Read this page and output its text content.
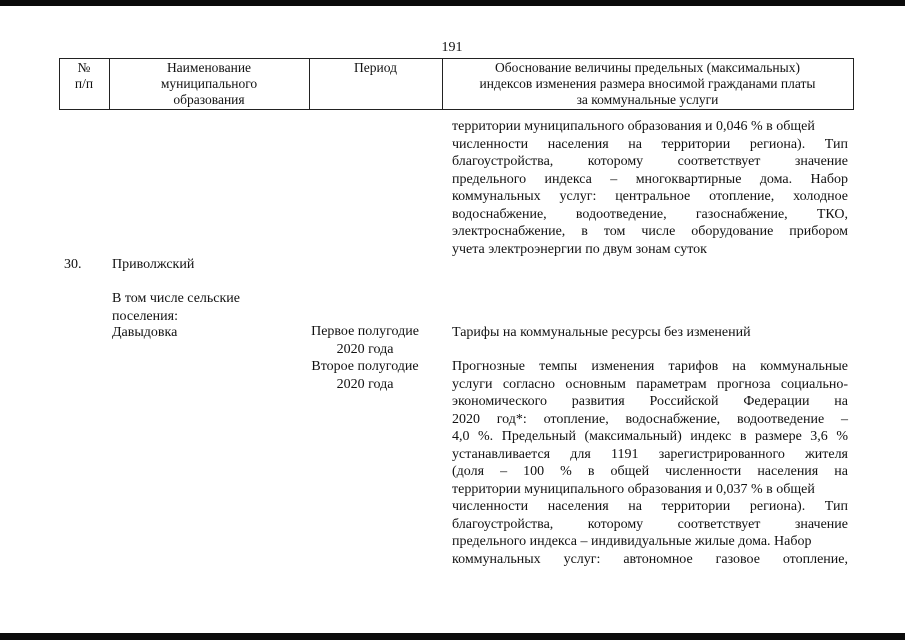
191
№
п/п
Наименование
муниципального
образования
Период	Обоснование величины предельных (максимальных)
индексов изменения размера вносимой гражданами платы
за коммунальные услуги
территории муниципального образования и 0,046 % в общей
численности населения на территории региона). Тип
благоустройства, которому соответствует значение
предельного индекса – многоквартирные дома. Набор
коммунальных услуг: центральное отопление, холодное
водоснабжение, водоотведение, газоснабжение, ТКО,
электроснабжение, в том числе оборудование прибором
учета электроэнергии по двум зонам суток
30. Приволжский
В том числе сельские
поселения:
Давыдовка	Первое полугодие
2020 года
Второе полугодие
2020 года
Тарифы на коммунальные ресурсы без изменений
Прогнозные темпы изменения тарифов на коммунальные
услуги согласно основным параметрам прогноза социально-
экономического развития Российской Федерации на
2020 год*: отопление, водоснабжение, водоотведение –
4,0 %. Предельный (максимальный) индекс в размере 3,6 %
устанавливается для 1191 зарегистрированного жителя
(доля – 100 % в общей численности населения на
территории муниципального образования и 0,037 % в общей
численности населения на территории региона). Тип
благоустройства, которому соответствует значение
предельного индекса – индивидуальные жилые дома. Набор
коммунальных услуг: автономное газовое отопление,
